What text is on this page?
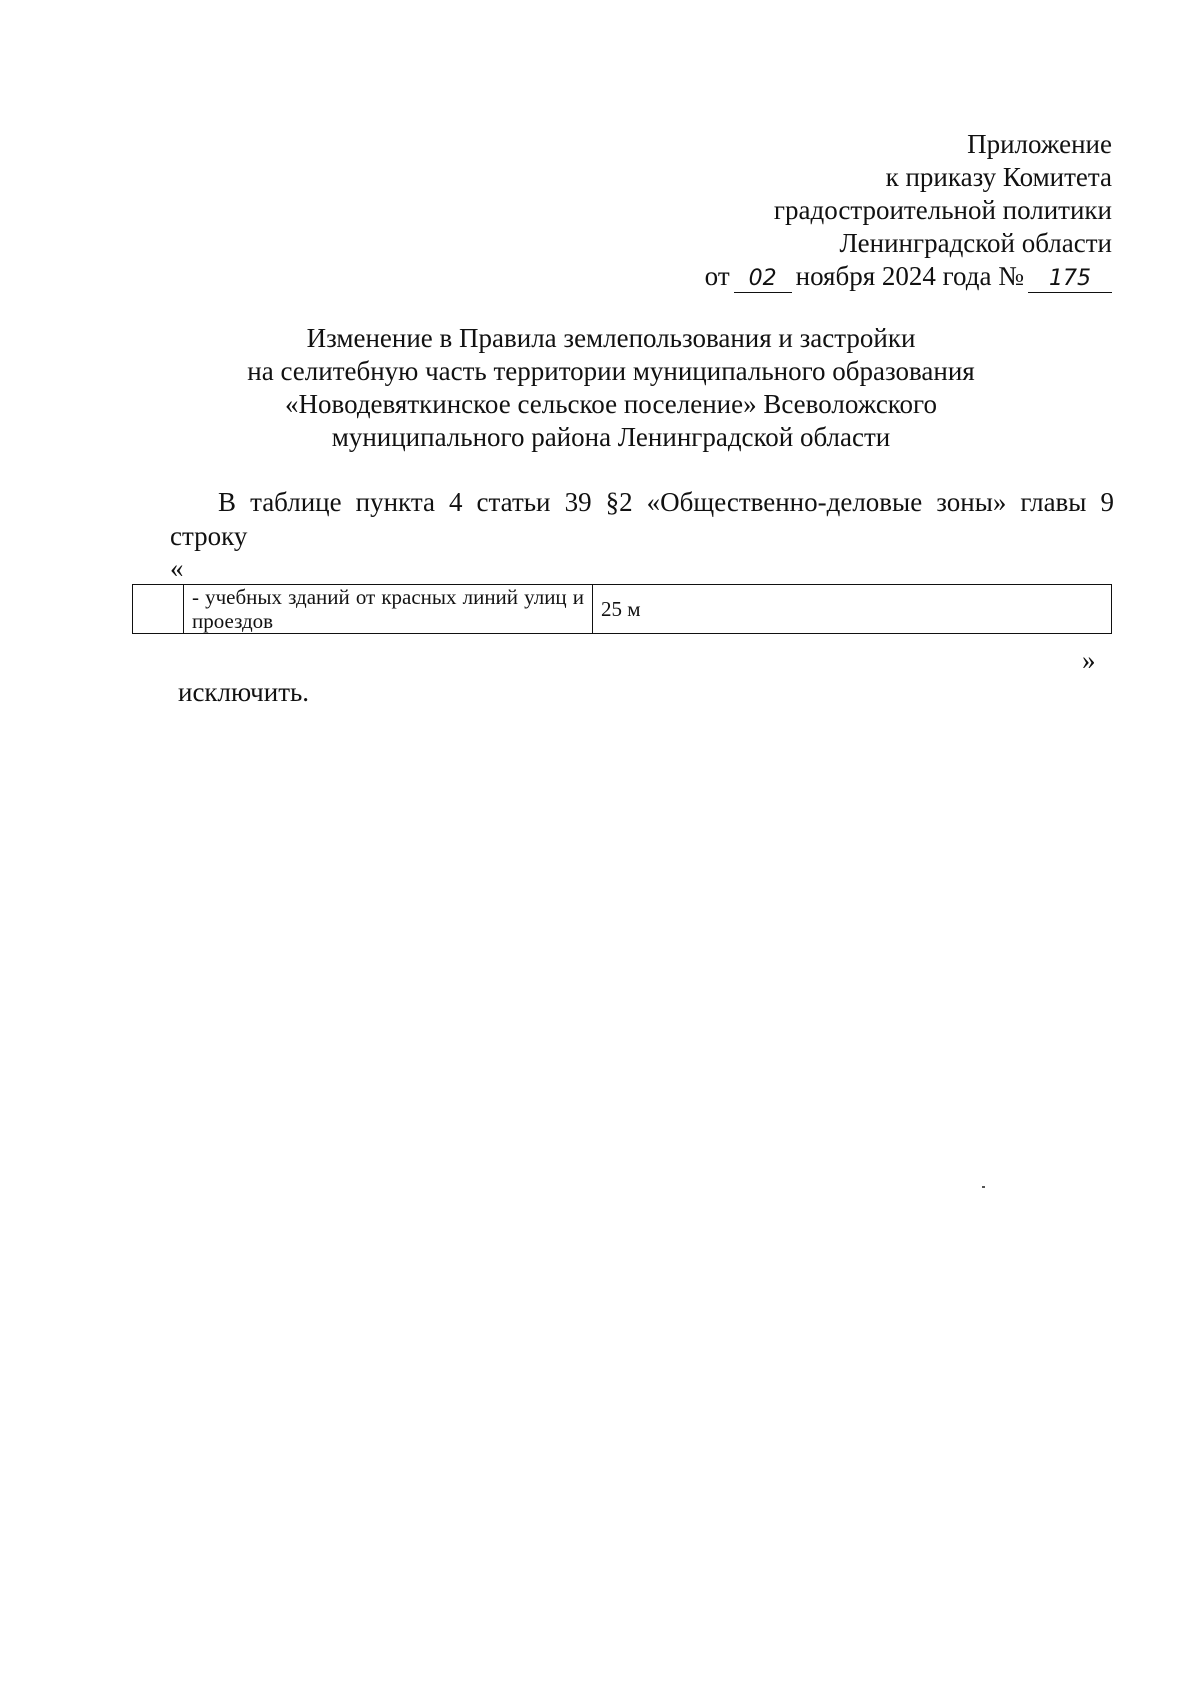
Приложение
к приказу Комитета
градостроительной политики
Ленинградской области
от 02 ноября 2024 года № 175
Изменение в Правила землепользования и застройки
на селитебную часть территории муниципального образования
«Новодевяткинское сельское поселение» Всеволожского
муниципального района Ленинградской области
В таблице пункта 4 статьи 39 §2 «Общественно-деловые зоны» главы 9
строку
«
	- учебных зданий от красных линий улиц и проездов	25 м
»
исключить.
